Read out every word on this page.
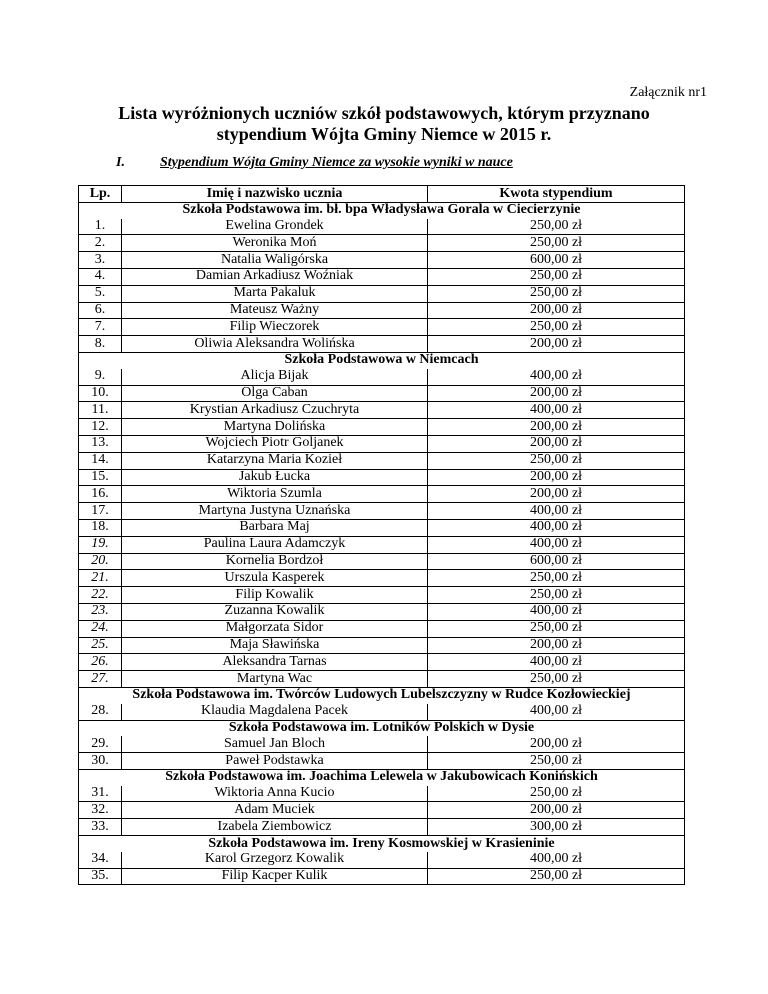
Załącznik nr1

Lista wyróżnionych uczniów szkół podstawowych, którym przyznano
stypendium Wójta Gminy Niemce w 2015 r.

I.	Stypendium Wójta Gminy Niemce za wysokie wyniki w nauce

Lp.	Imię i nazwisko ucznia	Kwota stypendium
Szkoła Podstawowa im. bł. bpa Władysława Gorala w Ciecierzynie		
1.	Ewelina Grondek	250,00 zł
2.	Weronika Moń	250,00 zł
3.	Natalia Waligórska	600,00 zł
4.	Damian Arkadiusz Woźniak	250,00 zł
5.	Marta Pakaluk	250,00 zł
6.	Mateusz Ważny	200,00 zł
7.	Filip Wieczorek	250,00 zł
8.	Oliwia Aleksandra Wolińska	200,00 zł
Szkoła Podstawowa w Niemcach		
9.	Alicja Bijak	400,00 zł
10.	Olga Caban	200,00 zł
11.	Krystian Arkadiusz Czuchryta	400,00 zł
12.	Martyna Dolińska	200,00 zł
13.	Wojciech Piotr Goljanek	200,00 zł
14.	Katarzyna Maria Kozieł	250,00 zł
15.	Jakub Łucka	200,00 zł
16.	Wiktoria Szumla	200,00 zł
17.	Martyna Justyna Uznańska	400,00 zł
18.	Barbara Maj	400,00 zł
19.	Paulina Laura Adamczyk	400,00 zł
20.	Kornelia Bordzoł	600,00 zł
21.	Urszula Kasperek	250,00 zł
22.	Filip Kowalik	250,00 zł
23.	Zuzanna Kowalik	400,00 zł
24.	Małgorzata Sidor	250,00 zł
25.	Maja Sławińska	200,00 zł
26.	Aleksandra Tarnas	400,00 zł
27.	Martyna Wac	250,00 zł
Szkoła Podstawowa im. Twórców Ludowych Lubelszczyzny w Rudce Kozłowieckiej		
28.	Klaudia Magdalena Pacek	400,00 zł
Szkoła Podstawowa im. Lotników Polskich w Dysie		
29.	Samuel Jan Bloch	200,00 zł
30.	Paweł Podstawka	250,00 zł
Szkoła Podstawowa im. Joachima Lelewela w Jakubowicach Konińskich		
31.	Wiktoria Anna Kucio	250,00 zł
32.	Adam Muciek	200,00 zł
33.	Izabela Ziembowicz	300,00 zł
Szkoła Podstawowa im. Ireny Kosmowskiej w Krasieninie		
34.	Karol Grzegorz Kowalik	400,00 zł
35.	Filip Kacper Kulik	250,00 zł
